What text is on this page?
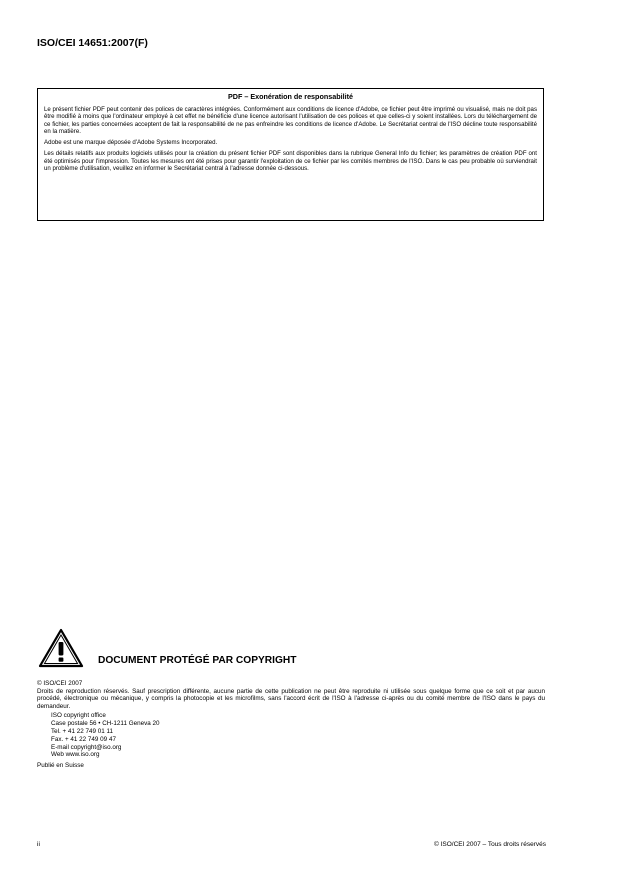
ISO/CEI 14651:2007(F)
PDF – Exonération de responsabilité

Le présent fichier PDF peut contenir des polices de caractères intégrées. Conformément aux conditions de licence d'Adobe, ce fichier peut être imprimé ou visualisé, mais ne doit pas être modifié à moins que l'ordinateur employé à cet effet ne bénéficie d'une licence autorisant l'utilisation de ces polices et que celles-ci y soient installées. Lors du téléchargement de ce fichier, les parties concernées acceptent de fait la responsabilité de ne pas enfreindre les conditions de licence d'Adobe. Le Secrétariat central de l'ISO décline toute responsabilité en la matière.

Adobe est une marque déposée d'Adobe Systems Incorporated.

Les détails relatifs aux produits logiciels utilisés pour la création du présent fichier PDF sont disponibles dans la rubrique General Info du fichier; les paramètres de création PDF ont été optimisés pour l'impression. Toutes les mesures ont été prises pour garantir l'exploitation de ce fichier par les comités membres de l'ISO. Dans le cas peu probable où surviendrait un problème d'utilisation, veuillez en informer le Secrétariat central à l'adresse donnée ci-dessous.

DOCUMENT PROTÉGÉ PAR COPYRIGHT

© ISO/CEI 2007

Droits de reproduction réservés. Sauf prescription différente, aucune partie de cette publication ne peut être reproduite ni utilisée sous quelque forme que ce soit et par aucun procédé, électronique ou mécanique, y compris la photocopie et les microfilms, sans l'accord écrit de l'ISO à l'adresse ci-après ou du comité membre de l'ISO dans le pays du demandeur.

ISO copyright office
Case postale 56 • CH-1211 Geneva 20
Tel. + 41 22 749 01 11
Fax. + 41 22 749 09 47
E-mail copyright@iso.org
Web www.iso.org

Publié en Suisse

ii	© ISO/CEI 2007 – Tous droits réservés
